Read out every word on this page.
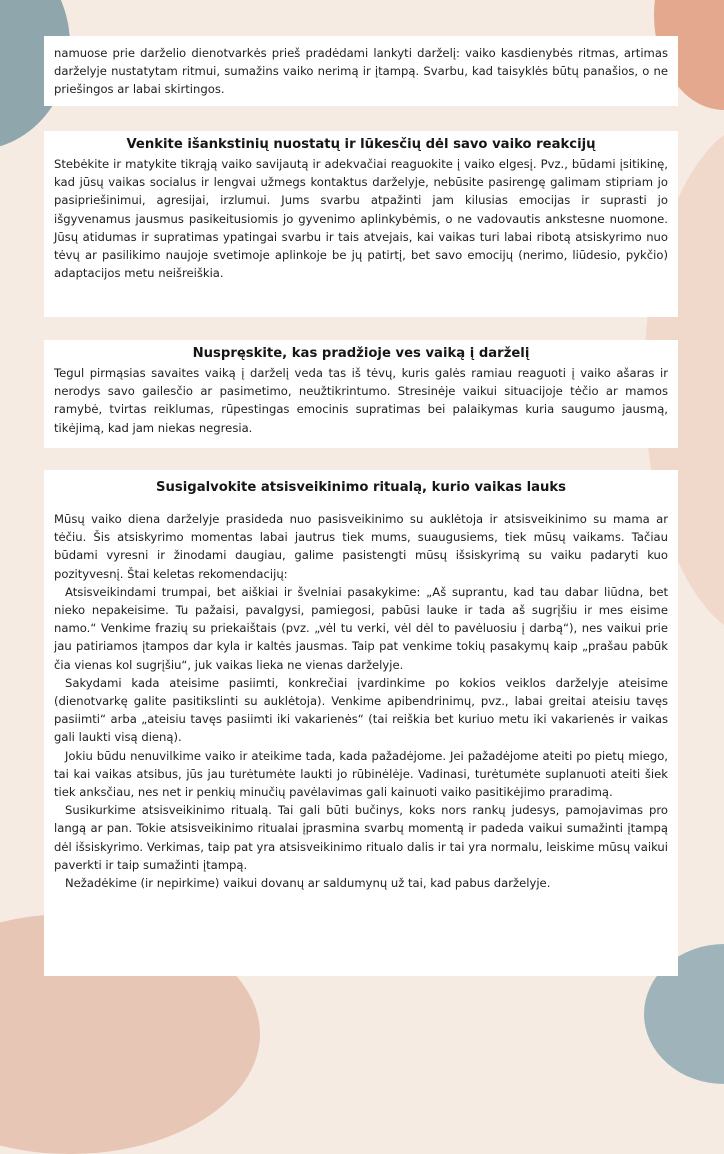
namuose prie darželio dienotvarkės prieš pradėdami lankyti darželį: vaiko kasdienybės ritmas, artimas darželyje nustatytam ritmui, sumažins vaiko nerimą ir įtampą. Svarbu, kad taisyklės būtų panašios, o ne priešingos ar labai skirtingos.

Venkite išankstinių nuostatų ir lūkesčių dėl savo vaiko reakcijų

Stebėkite ir matykite tikrąją vaiko savijautą ir adekvačiai reaguokite į vaiko elgesį. Pvz., būdami įsitikinę, kad jūsų vaikas socialus ir lengvai užmegs kontaktus darželyje, nebūsite pasirengę galimam stipriam jo pasipriešinimui, agresijai, irzlumui. Jums svarbu atpažinti jam kilusias emocijas ir suprasti jo išgyvenamus jausmus pasikeitusiomis jo gyvenimo aplinkybėmis, o ne vadovautis ankstesne nuomone. Jūsų atidumas ir supratimas ypatingai svarbu ir tais atvejais, kai vaikas turi labai ribotą atsiskyrimo nuo tėvų ar pasilikimo naujoje svetimoje aplinkoje be jų patirtį, bet savo emocijų (nerimo, liūdesio, pykčio) adaptacijos metu neišreiškia.

Nuspręskite, kas pradžioje ves vaiką į darželį

Tegul pirmąsias savaites vaiką į darželį veda tas iš tėvų, kuris galės ramiau reaguoti į vaiko ašaras ir nerodys savo gailesčio ar pasimetimo, neužtikrintumo. Stresinėje vaikui situacijoje tėčio ar mamos ramybė, tvirtas reiklumas, rūpestingas emocinis supratimas bei palaikymas kuria saugumo jausmą, tikėjimą, kad jam niekas negresia.

Susigalvokite atsisveikinimo ritualą, kurio vaikas lauks

Mūsų vaiko diena darželyje prasideda nuo pasisveikinimo su auklėtoja ir atsisveikinimo su mama ar tėčiu. Šis atsiskyrimo momentas labai jautrus tiek mums, suaugusiems, tiek mūsų vaikams. Tačiau būdami vyresni ir žinodami daugiau, galime pasistengti mūsų išsiskyrimą su vaiku padaryti kuo pozityvesnį. Štai keletas rekomendacijų:

Atsisveikindami trumpai, bet aiškiai ir švelniai pasakykime: „Aš suprantu, kad tau dabar liūdna, bet nieko nepakeisime. Tu pažaisi, pavalgysi, pamiegosi, pabūsi lauke ir tada aš sugrįšiu ir mes eisime namo.“ Venkime frazių su priekaištais (pvz. „vėl tu verki, vėl dėl to pavėluosiu į darbą“), nes vaikui prie jau patiriamos įtampos dar kyla ir kaltės jausmas. Taip pat venkime tokių pasakymų kaip „prašau pabūk čia vienas kol sugrįšiu“, juk vaikas lieka ne vienas darželyje.

Sakydami kada ateisime pasiimti, konkrečiai įvardinkime po kokios veiklos darželyje ateisime (dienotvarkę galite pasitikslinti su auklėtoja). Venkime apibendrinimų, pvz., labai greitai ateisiu tavęs pasiimti“ arba „ateisiu tavęs pasiimti iki vakarienės“ (tai reiškia bet kuriuo metu iki vakarienės ir vaikas gali laukti visą dieną).

Jokiu būdu nenuvilkime vaiko ir ateikime tada, kada pažadėjome. Jei pažadėjome ateiti po pietų miego, tai kai vaikas atsibus, jūs jau turėtumėte laukti jo rūbinėlėje. Vadinasi, turėtumėte suplanuoti ateiti šiek tiek anksčiau, nes net ir penkių minučių pavėlavimas gali kainuoti vaiko pasitikėjimo praradimą.

Susikurkime atsisveikinimo ritualą. Tai gali būti bučinys, koks nors rankų judesys, pamojavimas pro langą ar pan. Tokie atsisveikinimo ritualai įprasmina svarbų momentą ir padeda vaikui sumažinti įtampą dėl išsiskyrimo. Verkimas, taip pat yra atsisveikinimo ritualo dalis ir tai yra normalu, leiskime mūsų vaikui paverkti ir taip sumažinti įtampą.

Nežadėkime (ir nepirkime) vaikui dovanų ar saldumynų už tai, kad pabus darželyje.
